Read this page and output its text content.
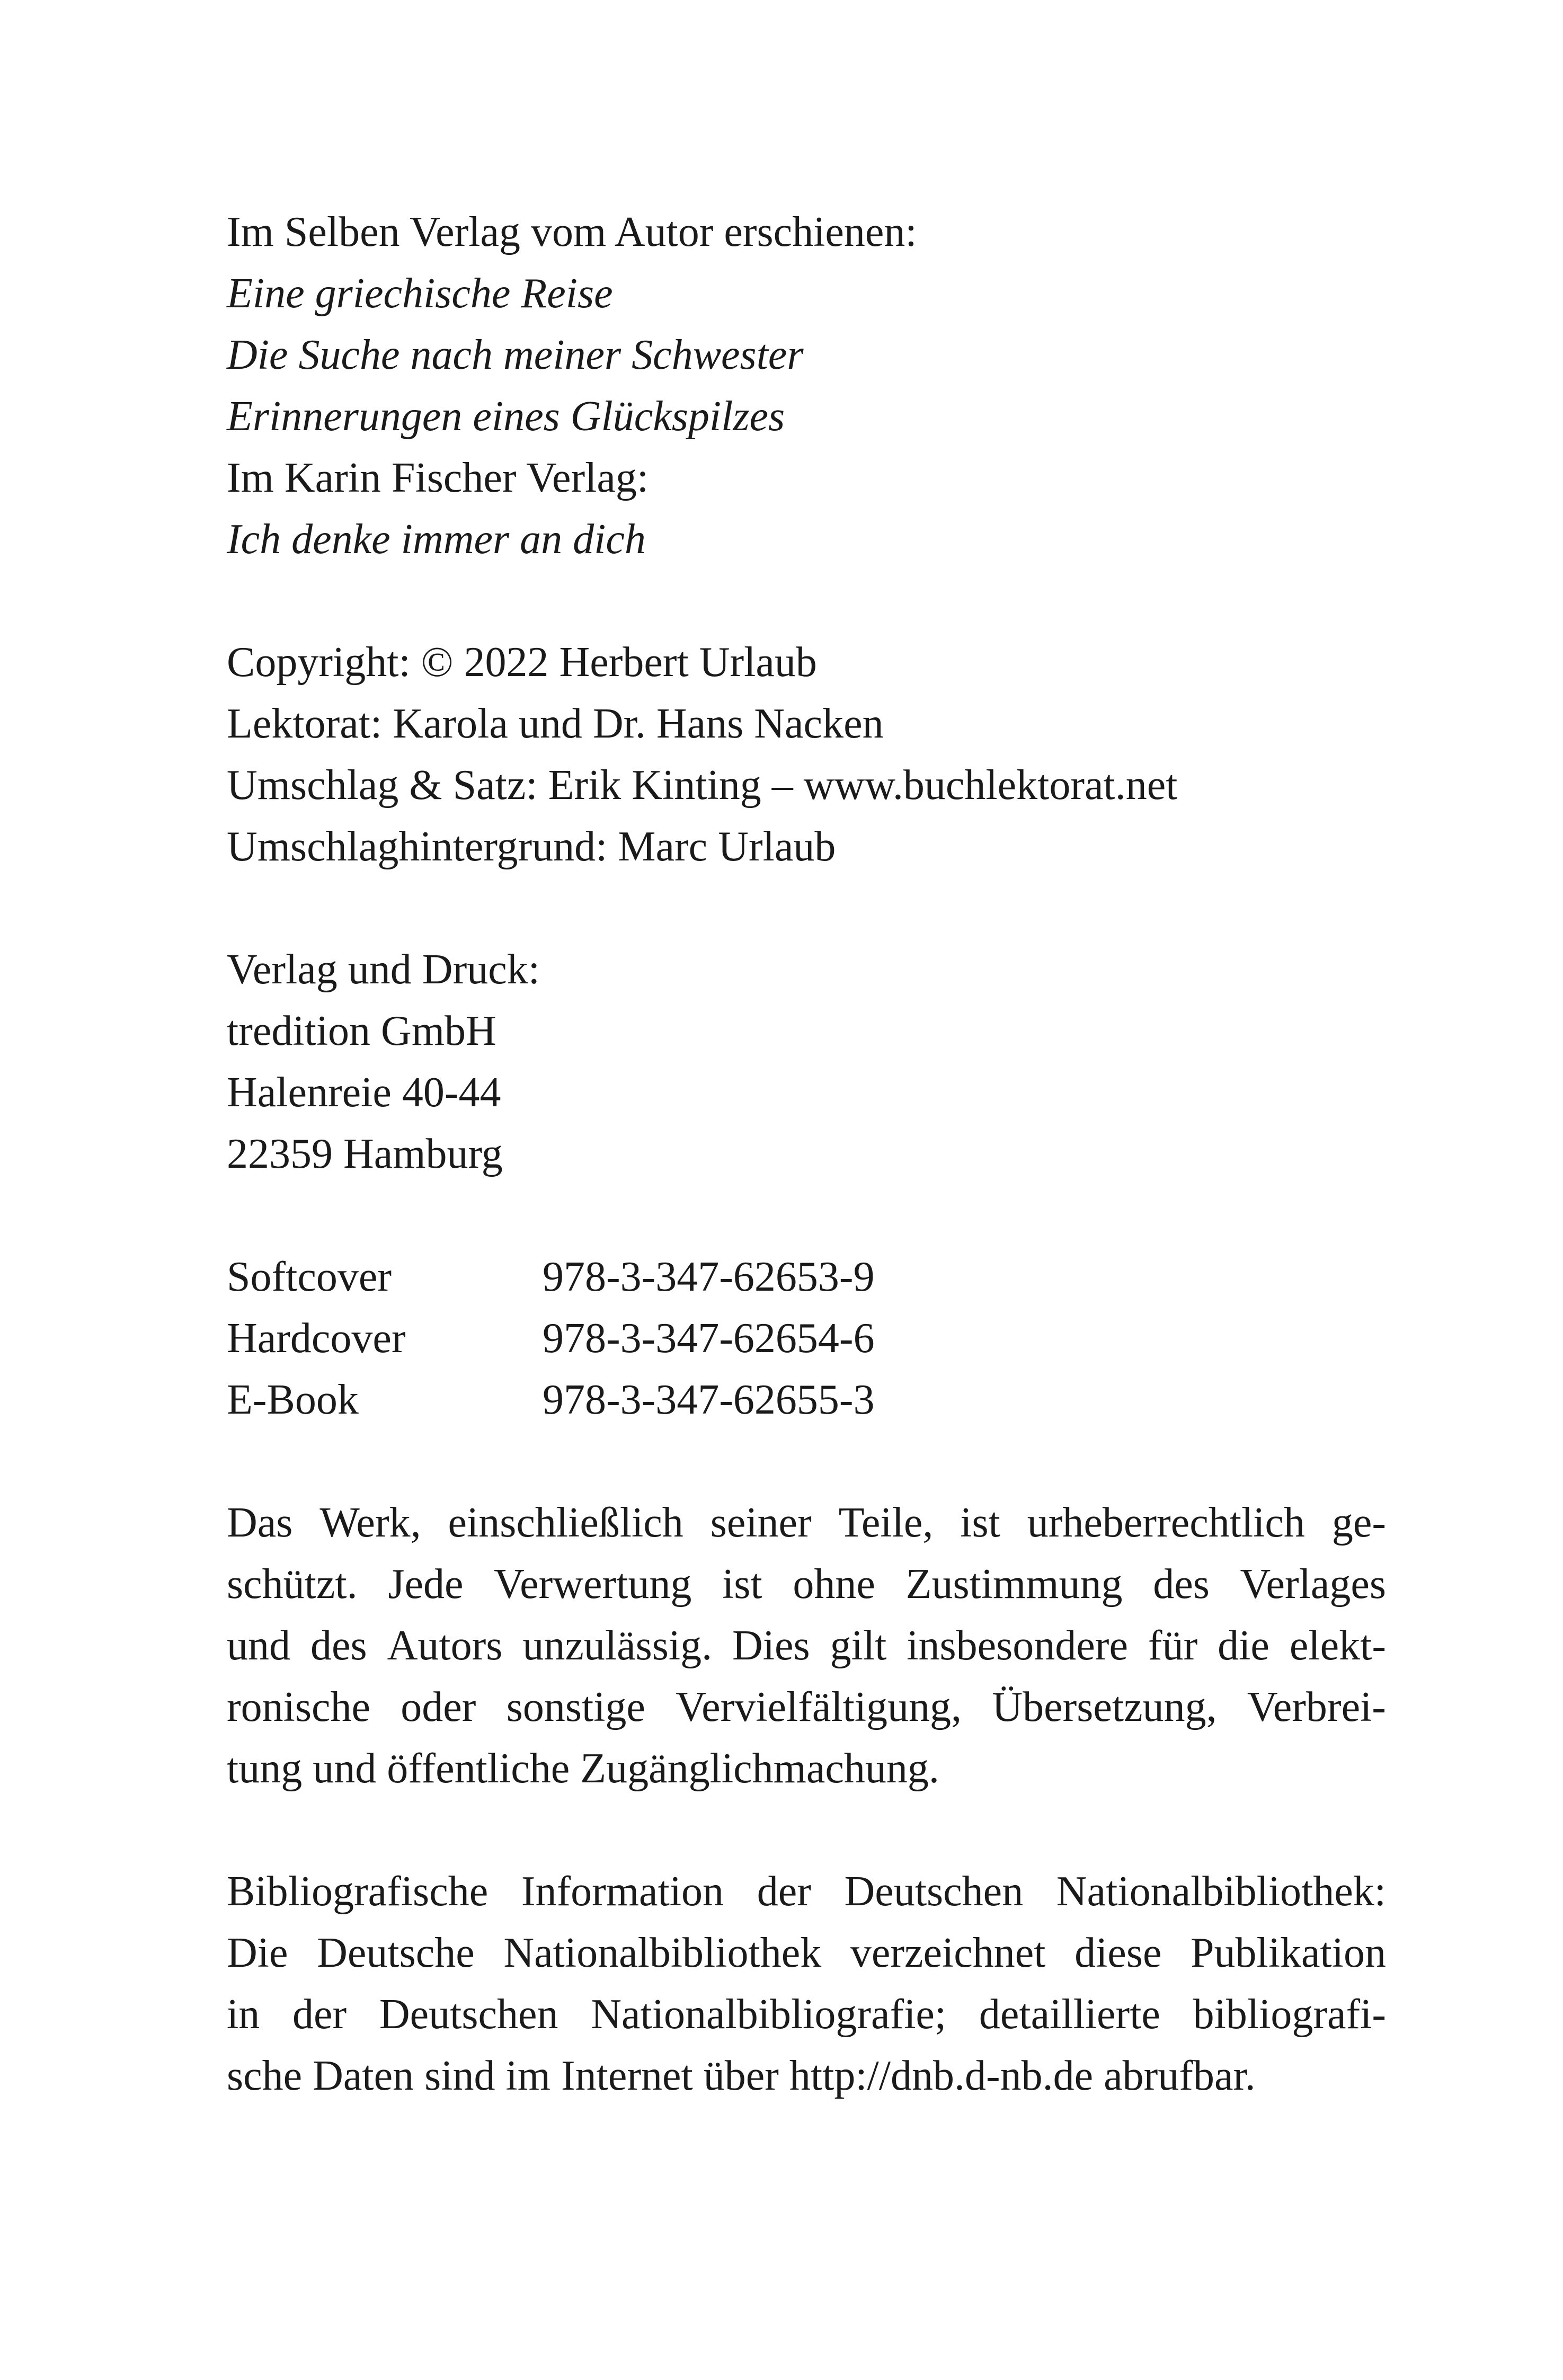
Im Selben Verlag vom Autor erschienen:
Eine griechische Reise
Die Suche nach meiner Schwester
Erinnerungen eines Glückspilzes
Im Karin Fischer Verlag:
Ich denke immer an dich
Copyright: © 2022 Herbert Urlaub
Lektorat: Karola und Dr. Hans Nacken
Umschlag & Satz: Erik Kinting – www.buchlektorat.net
Umschlaghintergrund: Marc Urlaub
Verlag und Druck:
tredition GmbH
Halenreie 40-44
22359 Hamburg
Softcover	978-3-347-62653-9
Hardcover	978-3-347-62654-6
E-Book	978-3-347-62655-3
Das Werk, einschließlich seiner Teile, ist urheberrechtlich ge-
schützt. Jede Verwertung ist ohne Zustimmung des Verlages
und des Autors unzulässig. Dies gilt insbesondere für die elekt-
ronische oder sonstige Vervielfältigung, Übersetzung, Verbrei-
tung und öffentliche Zugänglichmachung.
Bibliografische Information der Deutschen Nationalbibliothek:
Die Deutsche Nationalbibliothek verzeichnet diese Publikation
in der Deutschen Nationalbibliografie; detaillierte bibliografi-
sche Daten sind im Internet über http://dnb.d-nb.de abrufbar.
